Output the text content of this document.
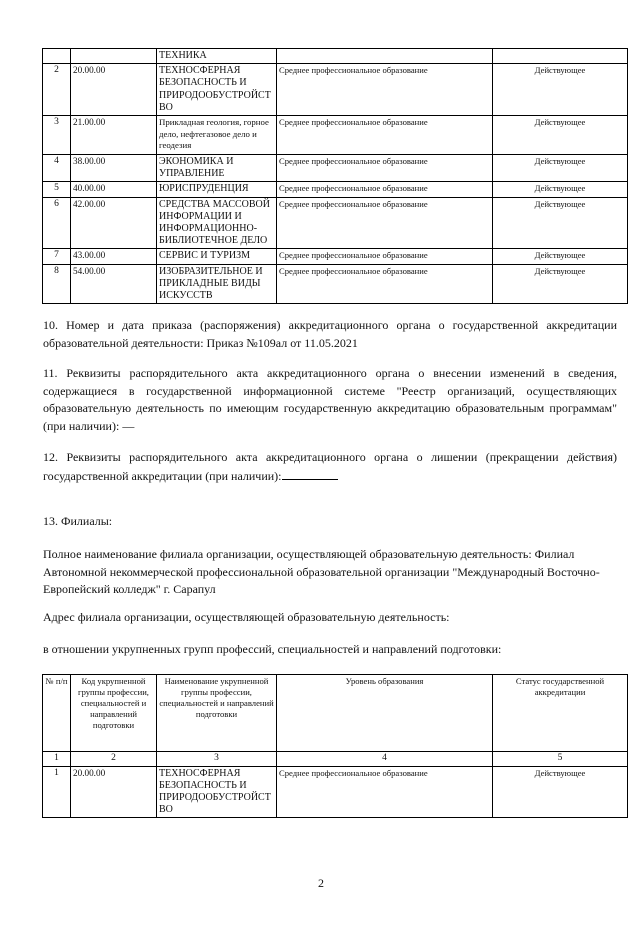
		ТЕХНИКА		
2	20.00.00	ТЕХНОСФЕРНАЯ БЕЗОПАСНОСТЬ И ПРИРОДООБУСТРОЙСТ ВО	Среднее профессиональное образование	Действующее
3	21.00.00	Прикладная геология, горное дело, нефтегазовое дело и геодезия	Среднее профессиональное образование	Действующее
4	38.00.00	ЭКОНОМИКА И УПРАВЛЕНИЕ	Среднее профессиональное образование	Действующее
5	40.00.00	ЮРИСПРУДЕНЦИЯ	Среднее профессиональное образование	Действующее
6	42.00.00	СРЕДСТВА МАССОВОЙ ИНФОРМАЦИИ И ИНФОРМАЦИОННО-БИБЛИОТЕЧНОЕ ДЕЛО	Среднее профессиональное образование	Действующее
7	43.00.00	СЕРВИС И ТУРИЗМ	Среднее профессиональное образование	Действующее
8	54.00.00	ИЗОБРАЗИТЕЛЬНОЕ И ПРИКЛАДНЫЕ ВИДЫ ИСКУССТВ	Среднее профессиональное образование	Действующее
10. Номер и дата приказа (распоряжения) аккредитационного органа о государственной аккредитации образовательной деятельности: Приказ №109ал от 11.05.2021
11. Реквизиты распорядительного акта аккредитационного органа о внесении изменений в сведения, содержащиеся в государственной информационной системе "Реестр организаций, осуществляющих образовательную деятельность по имеющим государственную аккредитацию образовательным программам" (при наличии): —
12. Реквизиты распорядительного акта аккредитационного органа о лишении (прекращении действия) государственной аккредитации (при наличии):
13. Филиалы:
Полное наименование филиала организации, осуществляющей образовательную деятельность: Филиал Автономной некоммерческой профессиональной образовательной организации "Международный Восточно-Европейский колледж" г. Сарапул
Адрес филиала организации, осуществляющей образовательную деятельность:
в отношении укрупненных групп профессий, специальностей и направлений подготовки:
№ п/п	Код укрупненной группы профессии, специальностей и направлений подготовки	Наименование укрупненной группы профессии, специальностей и направлений подготовки	Уровень образования	Статус государственной аккредитации
1	2	3	4	5
1	20.00.00	ТЕХНОСФЕРНАЯ БЕЗОПАСНОСТЬ И ПРИРОДООБУСТРОЙСТ ВО	Среднее профессиональное образование	Действующее
2
